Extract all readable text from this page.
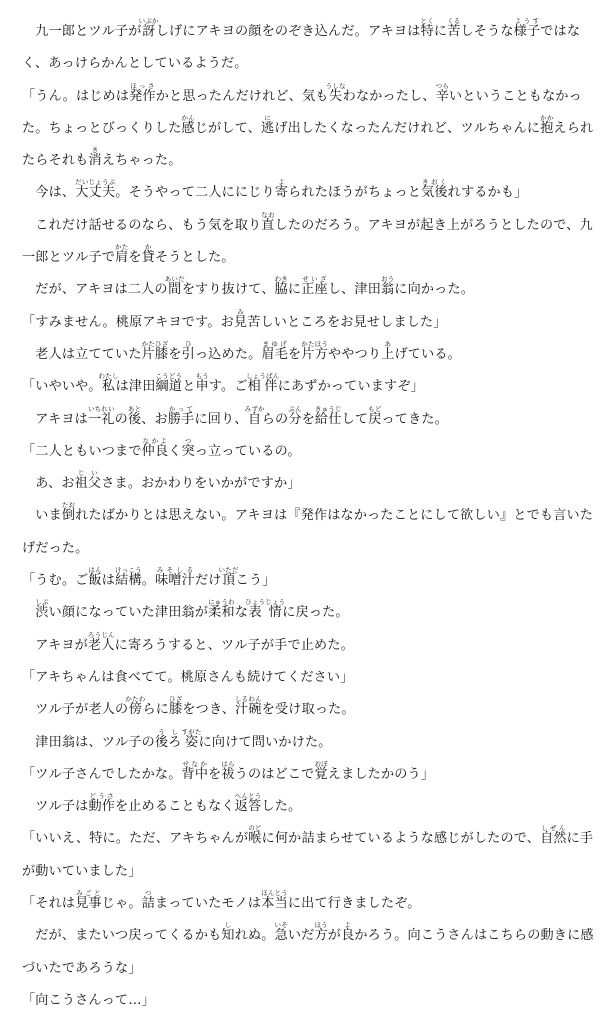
　九一郎とツル子が訝いぶかしげにアキヨの顔をのぞき込んだ。アキヨは特とくに苦くるしそうな様子ようすではなく、あっけらかんとしているようだ。

「うん。はじめは発作ほっさかと思ったんだけれど、気も失うしなわなかったし、辛つらいということもなかった。ちょっとびっくりした感かんじがして、逃にげ出したくなったんだけれど、ツルちゃんに抱かかえられたらそれも消きえちゃった。

　今は、大丈夫だいじょうぶ。そうやって二人ににじり寄よられたほうがちょっと気後きおくれするかも」

　これだけ話せるのなら、もう気を取り直なおしたのだろう。アキヨが起き上がろうとしたので、九一郎とツル子で肩かたを貸かそうとした。

　だが、アキヨは二人の間あいだをすり抜けて、脇わきに正座せいざし、津田翁おうに向かった。

「すみません。桃原アキヨです。お見み苦しいところをお見せしました」

　老人は立てていた片膝かたひざを引ひっ込めた。眉毛まゆげを片方かたほうややつり上あげている。

「いやいや。私わたしは津田綱道こうどうと申もうす。ご相伴しょうばんにあずかっていますぞ」

　アキヨは一礼いちれいの後あと、お勝手かってに回り、自みずからの分ぶんを給仕きゅうじして戻もどってきた。

「二人ともいつまで仲良なかよく突つっ立っているの。

　あ、お祖父じいさま。おかわりをいかがですか」

　いま倒たおれたばかりとは思えない。アキヨは『発作はなかったことにして欲しい』とでも言いたげだった。

「うむ。ご飯はんは結構けっこう。味噌汁みそしるだけ頂いただこう」

　渋しぶい顔になっていた津田翁が柔和にゅうわな表情ひょうじょうに戻った。

　アキヨが老人ろうじんに寄ろうすると、ツル子が手で止めた。

「アキちゃんは食べてて。桃原さんも続けてください」

　ツル子が老人の傍かたわらに膝ひざをつき、汁碗しるわんを受け取った。

　津田翁は、ツル子の後ろうし姿すがたに向けて問いかけた。

「ツル子さんでしたかな。背中せなかを祓はらうのはどこで覚おぼえましたかのう」

　ツル子は動作どうさを止めることもなく返答へんとうした。

「いいえ、特に。ただ、アキちゃんが喉のどに何か詰まらせているような感じがしたので、自然しぜんに手が動いていました」

「それは見事みごとじゃ。詰つまっていたモノは本当ほんとうに出て行きましたぞ。

　だが、またいつ戻ってくるかも知しれぬ。急いそいだ方ほうが良よかろう。向こうさんはこちらの動きに感づいたであろうな」

「向こうさんって…」
